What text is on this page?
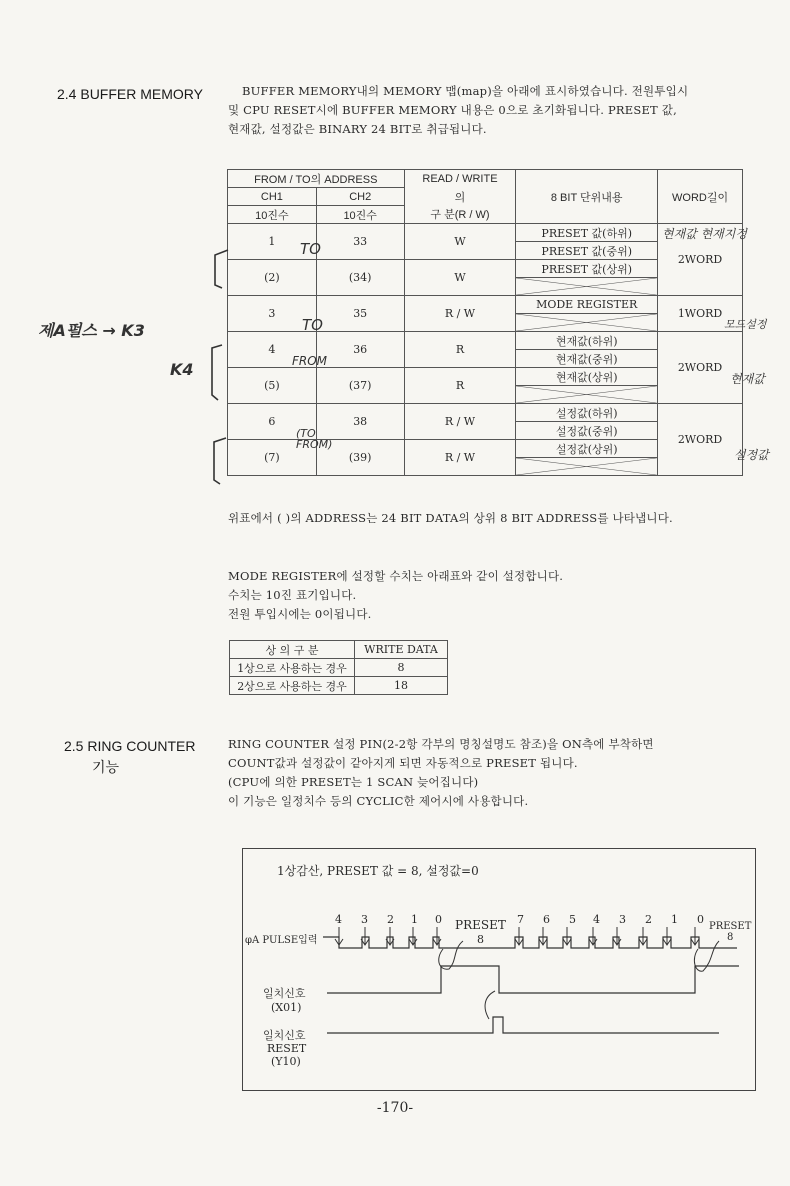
2.4 BUFFER MEMORY	BUFFER MEMORY내의 MEMORY 맵(map)을 아래에 표시하였습니다. 전원투입시
및 CPU RESET시에 BUFFER MEMORY 내용은 0으로 초기화됩니다. PRESET 값,
현재값, 설정값은 BINARY 24 BIT로 취급됩니다.
FROM / TO의 ADDRESS		READ / WRITE	8 BIT 단위내용	WORD길이
CH1	CH2	의		
10진수	10진수	구 분(R / W)		
1	33	W	PRESET 값(하위)	2WORD
			PRESET 값(중위)	
(2)	(34)	W	PRESET 값(상위)	

3	35	R / W	MODE REGISTER	1WORD

4	36	R	현재값(하위)	2WORD
			현재값(중위)	
(5)	(37)	R	현재값(상위)	

6	38	R / W	설정값(하위)	2WORD
			설정값(중위)	
(7)	(39)	R / W	설정값(상위)	

TO
TO
FROM
(TO FROM)
제A펄스 → K3
K4
현재값 현재지정
모드설정
현재값
설정값
위표에서 ( )의 ADDRESS는 24 BIT DATA의 상위 8 BIT ADDRESS를 나타냅니다.
MODE REGISTER에 설정할 수치는 아래표와 같이 설정합니다.
수치는 10진 표기입니다.
전원 투입시에는 0이됩니다.
상 의 구 분	WRITE DATA
1상으로 사용하는 경우	8
2상으로 사용하는 경우	18
2.5 RING COUNTER
기능
RING COUNTER 설정 PIN(2-2항 각부의 명칭설명도 참조)을 ON측에 부착하면
COUNT값과 설정값이 같아지게 되면 자동적으로 PRESET 됩니다.
(CPU에 의한 PRESET는 1 SCAN 늦어집니다)
이 기능은 일정치수 등의 CYCLIC한 제어시에 사용합니다.
1상감산, PRESET 값 = 8, 설정값=0
φA PULSE입력
4 3 2 1 0	7 6 5 4 3 2 1 0
PRESET
8
PRESET
8
일치신호
(X01)
일치신호
RESET
(Y10)
-170-
